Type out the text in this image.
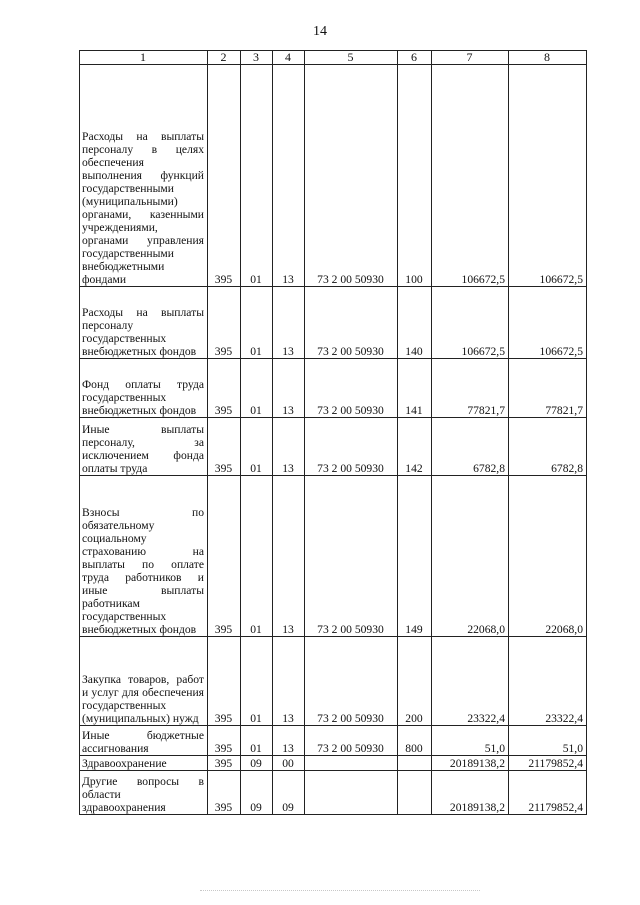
14
1	2	3	4	5	6	7	8
Расходы на выплаты персоналу в целях обеспечения выполнения функций государственными (муниципальными) органами, казенными учреждениями, органами управления государственными внебюджетными фондами	395	01	13	73 2 00 50930	100	106672,5	106672,5
Расходы на выплаты персоналу государственных внебюджетных фондов	395	01	13	73 2 00 50930	140	106672,5	106672,5
Фонд оплаты труда государственных внебюджетных фондов	395	01	13	73 2 00 50930	141	77821,7	77821,7
Иные выплаты персоналу, за исключением фонда оплаты труда	395	01	13	73 2 00 50930	142	6782,8	6782,8
Взносы по обязательному социальному страхованию на выплаты по оплате труда работников и иные выплаты работникам государственных внебюджетных фондов	395	01	13	73 2 00 50930	149	22068,0	22068,0
Закупка товаров, работ и услуг для обеспечения государственных (муниципальных) нужд	395	01	13	73 2 00 50930	200	23322,4	23322,4
Иные бюджетные ассигнования	395	01	13	73 2 00 50930	800	51,0	51,0
Здравоохранение	395	09	00			20189138,2	21179852,4
Другие вопросы в области здравоохранения	395	09	09			20189138,2	21179852,4
